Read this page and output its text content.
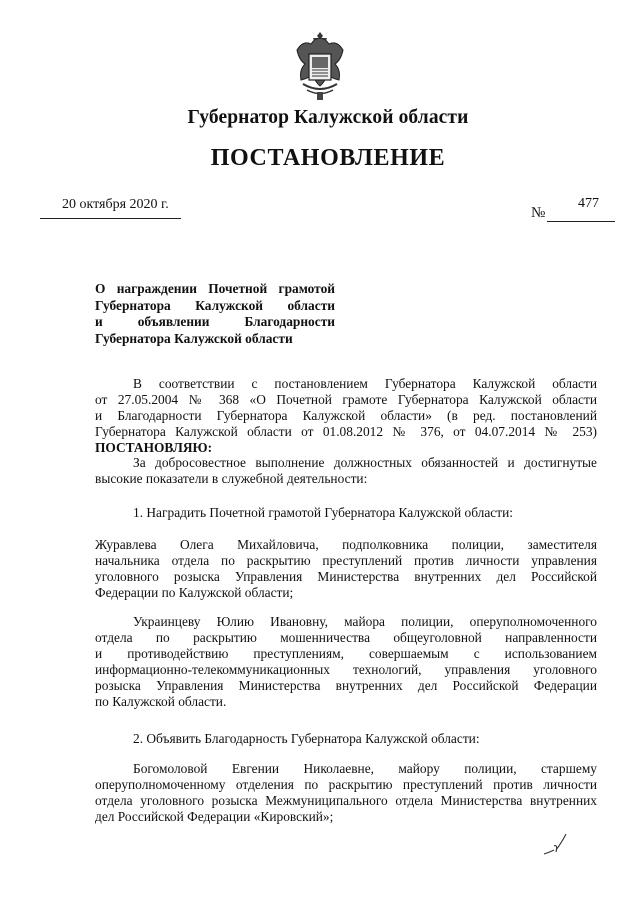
Губернатор Калужской области
ПОСТАНОВЛЕНИЕ
20 октября 2020 г.
№
477
О награждении Почетной грамотой
Губернатора Калужской области
и объявлении Благодарности
Губернатора Калужской области
В соответствии с постановлением Губернатора Калужской области
от 27.05.2004 № 368 «О Почетной грамоте Губернатора Калужской области
и Благодарности Губернатора Калужской области» (в ред. постановлений
Губернатора Калужской области от 01.08.2012 № 376, от 04.07.2014 № 253)
ПОСТАНОВЛЯЮ:
За добросовестное выполнение должностных обязанностей и достигнутые
высокие показатели в служебной деятельности:
1. Наградить Почетной грамотой Губернатора Калужской области:
Журавлева Олега Михайловича, подполковника полиции, заместителя
начальника отдела по раскрытию преступлений против личности управления
уголовного розыска Управления Министерства внутренних дел Российской
Федерации по Калужской области;
Украинцеву Юлию Ивановну, майора полиции, оперуполномоченного
отдела по раскрытию мошенничества общеуголовной направленности
и противодействию преступлениям, совершаемым с использованием
информационно-телекоммуникационных технологий, управления уголовного
розыска Управления Министерства внутренних дел Российской Федерации
по Калужской области.
2. Объявить Благодарность Губернатора Калужской области:
Богомоловой Евгении Николаевне, майору полиции, старшему
оперуполномоченному отделения по раскрытию преступлений против личности
отдела уголовного розыска Межмуниципального отдела Министерства внутренних
дел Российской Федерации «Кировский»;
